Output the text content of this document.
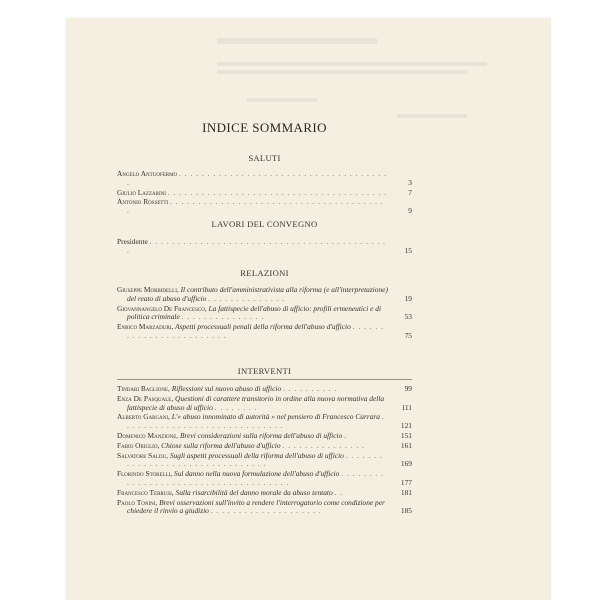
INDICE SOMMARIO
SALUTI
Angelo Antuofermo . . . . . . . . . . . . . . . . . . . . . . . . . . . . . . . . . . . . . .	3
Giulio Lazzarini . . . . . . . . . . . . . . . . . . . . . . . . . . . . . . . . . . . . . . .	7
Antonio Rossetti . . . . . . . . . . . . . . . . . . . . . . . . . . . . . . . . . . . . . . .	9
LAVORI DEL CONVEGNO
Presidente . . . . . . . . . . . . . . . . . . . . . . . . . . . . . . . . . . . . . . . . . . .	15
RELAZIONI
Giuseppe Morbidelli, Il contributo dell'amministrativista alla riforma (e all'interpretazione) del reato di abuso d'ufficio . . . . . . . . . . . . . .	19
Giovannangelo De Francesco, La fattispecie dell'abuso di ufficio: profili ermeneutici e di politica criminale . . . . . . . . . . . . . . .	53
Enrico Marzaduri, Aspetti processuali penali della riforma dell'abuso d'ufficio . . . . . . . . . . . . . . . . . . . . . . . .	75
INTERVENTI
Tindari Baglione, Riflessioni sul nuovo abuso di ufficio . . . . . . . . . .	99
Enza De Pasquale, Questioni di carattere transitorio in ordine alla nuova normativa della fattispecie di abuso di ufficio . . . . . . . .	111
Alberto Gargani, L'« abuso innominato di autorità » nel pensiero di Francesco Carrara . . . . . . . . . . . . . . . . . . . . . . . . . . . . .	121
Domenico Manzione, Brevi considerazioni sulla riforma dell'abuso di ufficio .	151
Fabio Origlio, Chiose sulla riforma dell'abuso d'ufficio . . . . . . . . . . . . . . .	161
Salvatore Saldu, Sugli aspetti processuali della riforma dell'abuso di ufficio . . . . . . . . . . . . . . . . . . . . . . . . . . . . . . . .	169
Florindo Storelli, Sul danno nella nuova formulazione dell'abuso d'ufficio . . . . . . . . . . . . . . . . . . . . . . . . . . . . . . . . . . . . .	177
Francesco Terrusi, Sulla risarcibilità del danno morale da abuso tentato . .	181
Paolo Tonini, Brevi osservazioni sull'invito a rendere l'interrogatorio come condizione per chiedere il rinvio a giudizio . . . . . . . . . . . . . . . . . . . .	185
